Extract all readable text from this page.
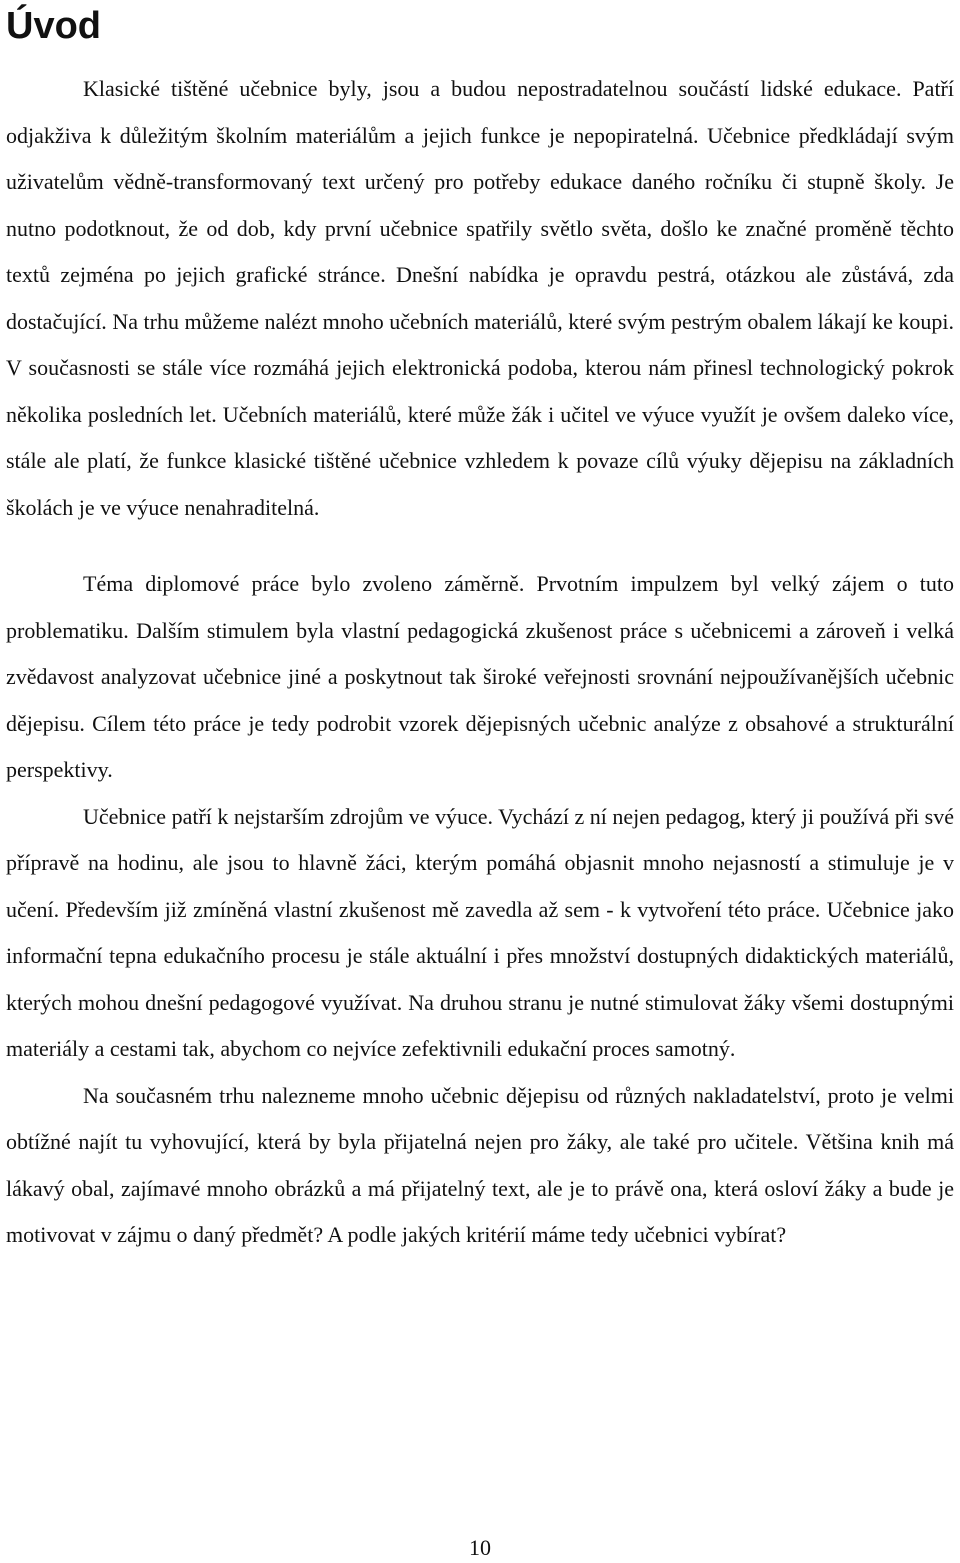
Úvod

Klasické tištěné učebnice byly, jsou a budou nepostradatelnou součástí lidské edukace. Patří odjakživa k důležitým školním materiálům a jejich funkce je nepopiratelná. Učebnice předkládají svým uživatelům vědně-transformovaný text určený pro potřeby edukace daného ročníku či stupně školy. Je nutno podotknout, že od dob, kdy první učebnice spatřily světlo světa, došlo ke značné proměně těchto textů zejména po jejich grafické stránce. Dnešní nabídka je opravdu pestrá, otázkou ale zůstává, zda dostačující. Na trhu můžeme nalézt mnoho učebních materiálů, které svým pestrým obalem lákají ke koupi. V současnosti se stále více rozmáhá jejich elektronická podoba, kterou nám přinesl technologický pokrok několika posledních let. Učebních materiálů, které může žák i učitel ve výuce využít je ovšem daleko více, stále ale platí, že funkce klasické tištěné učebnice vzhledem k povaze cílů výuky dějepisu na základních školách je ve výuce nenahraditelná.

Téma diplomové práce bylo zvoleno záměrně. Prvotním impulzem byl velký zájem o tuto problematiku. Dalším stimulem byla vlastní pedagogická zkušenost práce s učebnicemi a zároveň i velká zvědavost analyzovat učebnice jiné a poskytnout tak široké veřejnosti srovnání nejpoužívanějších učebnic dějepisu. Cílem této práce je tedy podrobit vzorek dějepisných učebnic analýze z obsahové a strukturální perspektivy.

Učebnice patří k nejstarším zdrojům ve výuce. Vychází z ní nejen pedagog, který ji používá při své přípravě na hodinu, ale jsou to hlavně žáci, kterým pomáhá objasnit mnoho nejasností a stimuluje je v učení. Především již zmíněná vlastní zkušenost mě zavedla až sem - k vytvoření této práce. Učebnice jako informační tepna edukačního procesu je stále aktuální i přes množství dostupných didaktických materiálů, kterých mohou dnešní pedagogové využívat. Na druhou stranu je nutné stimulovat žáky všemi dostupnými materiály a cestami tak, abychom co nejvíce zefektivnili edukační proces samotný.

Na současném trhu nalezneme mnoho učebnic dějepisu od různých nakladatelství, proto je velmi obtížné najít tu vyhovující, která by byla přijatelná nejen pro žáky, ale také pro učitele. Většina knih má lákavý obal, zajímavé mnoho obrázků a má přijatelný text, ale je to právě ona, která osloví žáky a bude je motivovat v zájmu o daný předmět? A podle jakých kritérií máme tedy učebnici vybírat?

10
